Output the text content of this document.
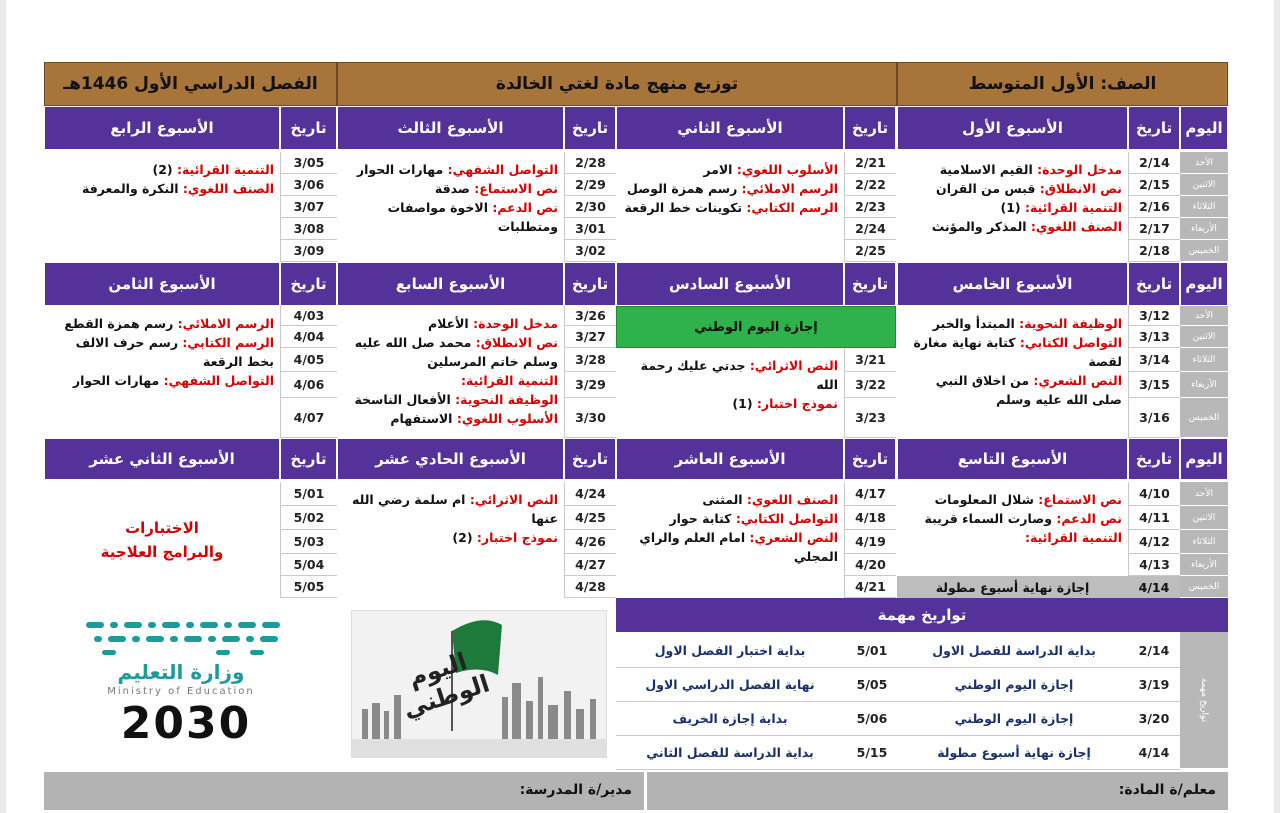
الصف: الأول المتوسط
توزيع منهج مادة لغتي الخالدة
الفصل الدراسي الأول 1446هـ
اليوم
الأحد
الاثنين
الثلاثاء
الأربعاء
الخميس
تاريخ
الأسبوع الأول
2/14
2/15
2/16
2/17
2/18
مدخل الوحدة: القيم الاسلامية
نص الانطلاق: قبس من القران
التنمية القرائية: (1)
الصنف اللغوي: المذكر والمؤنث
تاريخ
الأسبوع الثاني
2/21
2/22
2/23
2/24
2/25
الأسلوب اللغوي: الامر
الرسم الاملائي: رسم همزة الوصل
الرسم الكتابي: تكوينات خط الرقعة
تاريخ
الأسبوع الثالث
2/28
2/29
2/30
3/01
3/02
التواصل الشفهي: مهارات الحوار
نص الاستماع: صدقة
نص الدعم: الاخوة مواصفات ومتطلبات
تاريخ
الأسبوع الرابع
3/05
3/06
3/07
3/08
3/09
التنمية القرائية: (2)
الصنف اللغوي: النكرة والمعرفة
اليوم
الأحد
الاثنين
الثلاثاء
الأربعاء
الخميس
تاريخ
الأسبوع الخامس
3/12
3/13
3/14
3/15
3/16
الوظيفة النحوية: المبتدأ والخبر
التواصل الكتابي: كتابة نهاية مغارة لقصة
النص الشعري: من اخلاق النبي صلى الله عليه وسلم
تاريخ
الأسبوع السادس
3/21
3/22
3/23
إجازة اليوم الوطني
النص الاثرائي: جدتي عليك رحمة الله
نموذج اختبار: (1)
تاريخ
الأسبوع السابع
3/26
3/27
3/28
3/29
3/30
مدخل الوحدة: الأعلام
نص الانطلاق: محمد صل الله عليه وسلم خاتم المرسلين
التنمية القرائية:
الوظيفة النحوية: الأفعال الناسخة
الأسلوب اللغوي: الاستفهام
تاريخ
الأسبوع الثامن
4/03
4/04
4/05
4/06
4/07
الرسم الاملائي: رسم همزة القطع
الرسم الكتابي: رسم حرف الالف بخط الرقعة
التواصل الشفهي: مهارات الحوار
اليوم
الأحد
الاثنين
الثلاثاء
الأربعاء
الخميس
تاريخ
الأسبوع التاسع
4/10
4/11
4/12
4/13
إجازة نهاية أسبوع مطولة	4/14
نص الاستماع: شلال المعلومات
نص الدعم: وصارت السماء قريبة
التنمية القرائية:
تاريخ
الأسبوع العاشر
4/17
4/18
4/19
4/20
4/21
الصنف اللغوي: المثنى
التواصل الكتابي: كتابة حوار
النص الشعري: امام العلم والراي المجلي
تاريخ
الأسبوع الحادي عشر
4/24
4/25
4/26
4/27
4/28
النص الاثرائي: ام سلمة رضي الله عنها
نموذج اختبار: (2)
تاريخ
الأسبوع الثاني عشر
5/01
5/02
5/03
5/04
5/05
الاختبارات
والبرامج العلاجية
وزارة التعليم
Ministry of Education
2030
اليوم الوطني
تواريخ مهمة
تواريخ مهمة
2/14
بداية الدراسة للفصل الاول
3/19
إجازة اليوم الوطني
3/20
إجازة اليوم الوطني
4/14
إجازة نهاية أسبوع مطولة
5/01
بداية اختبار الفصل الاول
5/05
نهاية الفصل الدراسي الاول
5/06
بداية إجازة الخريف
5/15
بداية الدراسة للفصل الثاني
معلم/ة المادة:
مدير/ة المدرسة:
